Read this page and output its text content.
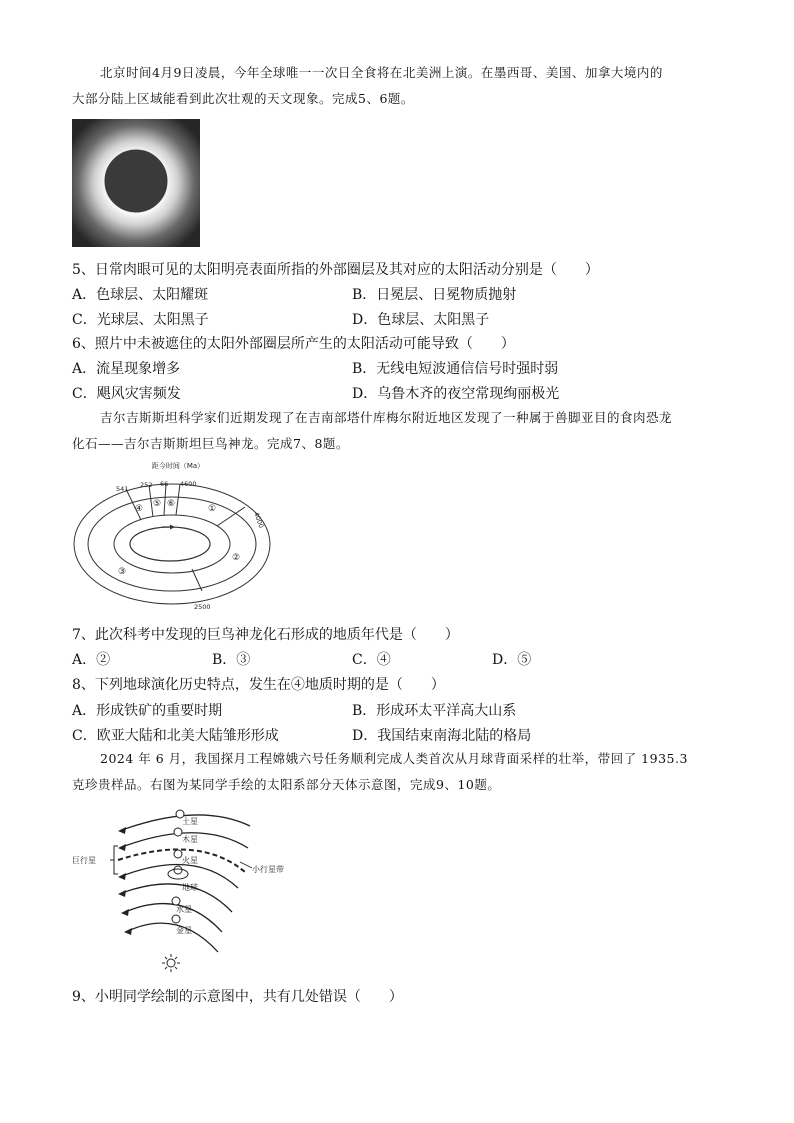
北京时间4月9日凌晨，今年全球唯一一次日全食将在北美洲上演。在墨西哥、美国、加拿大境内的
大部分陆上区域能看到此次壮观的天文现象。完成5、6题。
5、日常肉眼可见的太阳明亮表面所指的外部圈层及其对应的太阳活动分别是（　　）
A．色球层、太阳耀斑	B．日冕层、日冕物质抛射
C．光球层、太阳黑子	D．色球层、太阳黑子
6、照片中未被遮住的太阳外部圈层所产生的太阳活动可能导致（　　）
A．流星现象增多	B．无线电短波通信信号时强时弱
C．飓风灾害频发	D．乌鲁木齐的夜空常现绚丽极光
吉尔吉斯斯坦科学家们近期发现了在吉南部塔什库梅尔附近地区发现了一种属于兽脚亚目的食肉恐龙
化石——吉尔吉斯斯坦巨鸟神龙。完成7、8题。
距今时间（Ma）
541 252 66 4600
4000
2500
①
②
③
④ ⑤ ⑥
7、此次科考中发现的巨鸟神龙化石形成的地质年代是（　　）
A．②	B．③	C．④	D．⑤
8、下列地球演化历史特点，发生在④地质时期的是（　　）
A．形成铁矿的重要时期	B．形成环太平洋高大山系
C．欧亚大陆和北美大陆雏形形成	D．我国结束南海北陆的格局
2024 年 6 月，我国探月工程嫦娥六号任务顺利完成人类首次从月球背面采样的壮举，带回了 1935.3
克珍贵样品。右图为某同学手绘的太阳系部分天体示意图，完成9、10题。
土星
木星
火星
地球
水星
金星
巨行星
小行星带
9、小明同学绘制的示意图中，共有几处错误（　　）
